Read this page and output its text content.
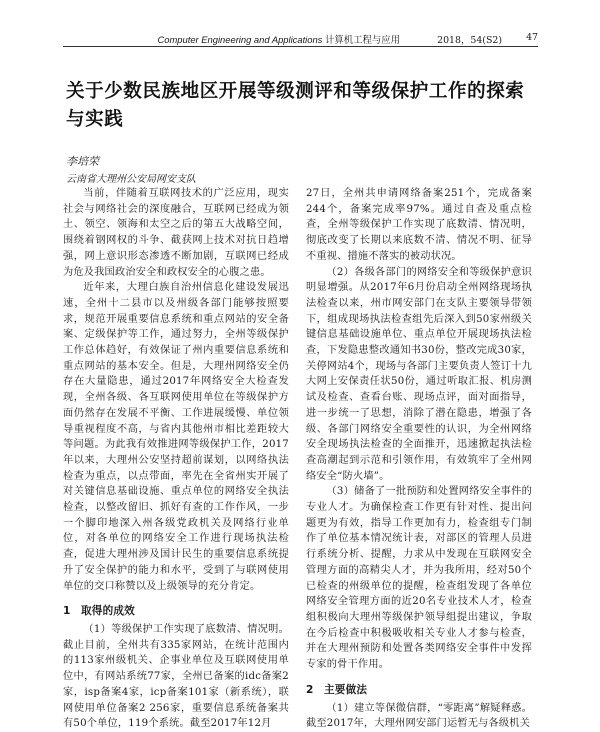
Computer Engineering and Applications 计算机工程与应用	2018，54(S2)	47
关于少数民族地区开展等级测评和等级保护工作的探索与实践
李培荣
云南省大理州公安局网安支队

当前，伴随着互联网技术的广泛应用，现实社会与网络社会的深度融合，互联网已经成为领土、领空、领海和太空之后的第五大战略空间，围绕着钢网权的斗争、截获网上技术对抗日趋增强，网上意识形态渗透不断加剧，互联网已经成为危及我国政治安全和政权安全的心腹之患。

近年来，大理白族自治州信息化建设发展迅速，全州十二县市以及州级各部门能够按照要求，规范开展重要信息系统和重点网站的安全备案、定级保护等工作，通过努力，全州等级保护工作总体趋好，有效保证了州内重要信息系统和重点网站的基本安全。但是，大理州网络安全仍存在大量隐患，通过2017年网络安全大检查发现，全州各级、各互联网使用单位在等级保护方面仍然存在发展不平衡、工作进展缓慢、单位领导重视程度不高，与省内其他州市相比差距较大等问题。为此我有效推进网等级保护工作，2017年以来，大理州公安坚持超前谋划，以网络执法检查为重点，以点带面，率先在全省州实开展了对关键信息基础设施、重点单位的网络安全执法检查，以整改留旧、抓好有查的工作作风，一步一个脚印地深入州各级党政机关及网络行业单位，对各单位的网络安全工作进行现场执法检查，促进大理州涉及国计民生的重要信息系统提升了安全保护的能力和水平，受到了与联网使用单位的交口称赞以及上级领导的充分肯定。

1 取得的成效

（1）等级保护工作实现了底数清、情况明。截止目前，全州共有335家网站，在统计范围内的113家州级机关、企事业单位及互联网使用单位中，有网站系统77家，全州已备案的idc备案2家，isp备案4家，icp备案101家（新系统），联网使用单位备案2 256家，重要信息系统备案共有50个单位，119个系统。截至2017年12月

27日，全州共申请网络备案251个，完成备案244个，备案完成率97%。通过自查及重点检查，全州等级保护工作实现了底数清、情况明，彻底改变了长期以来底数不清、情况不明、征导不重视、措施不落实的被动状况。

（2）各级各部门的网络安全和等级保护意识明显增强。从2017年6月份启动全州网络现场执法检查以来，州市网安部门在支队主要领导带领下，组成现场执法检查组先后深入到50家州级关键信息基础设施单位、重点单位开展现场执法检查，下发隐患整改通知书30份，整改完成30家，关停网站4个，现场与各部门主要负责人签订十九大网上安保责任状50份，通过听取汇报、机房测试及检查、查看台账、现场点评，面对面指导，进一步统一了思想，消除了潜在隐患，增强了各级、各部门网络安全重要性的认识，为全州网络安全现场执法检查的全面推开，迅速掀起执法检查高潮起到示范和引领作用，有效筑牢了全州网络安全“防火墙”。

（3）储备了一批预防和处置网络安全事件的专业人才。为确保检查工作更有针对性、提出问题更为有效，指导工作更加有力，检查组专门制作了单位基本情况统计表，对部区的管理人员进行系统分析、提醒，力求从中发现在互联网安全管理方面的高精尖人才，并为我所用，经对50个已检查的州级单位的提醒，检查组发现了各单位网络安全管理方面的近20名专业技术人才，检查组积极向大理州等级保护领导组提出建议，争取在今后检查中积极吸收相关专业人才参与检查，并在大理州预防和处置各类网络安全事件中发挥专家的骨干作用。

2 主要做法

（1）建立等保微信群，“零距离”解疑释惑。截至2017年，大理州网安部门运暂无与各级机关
